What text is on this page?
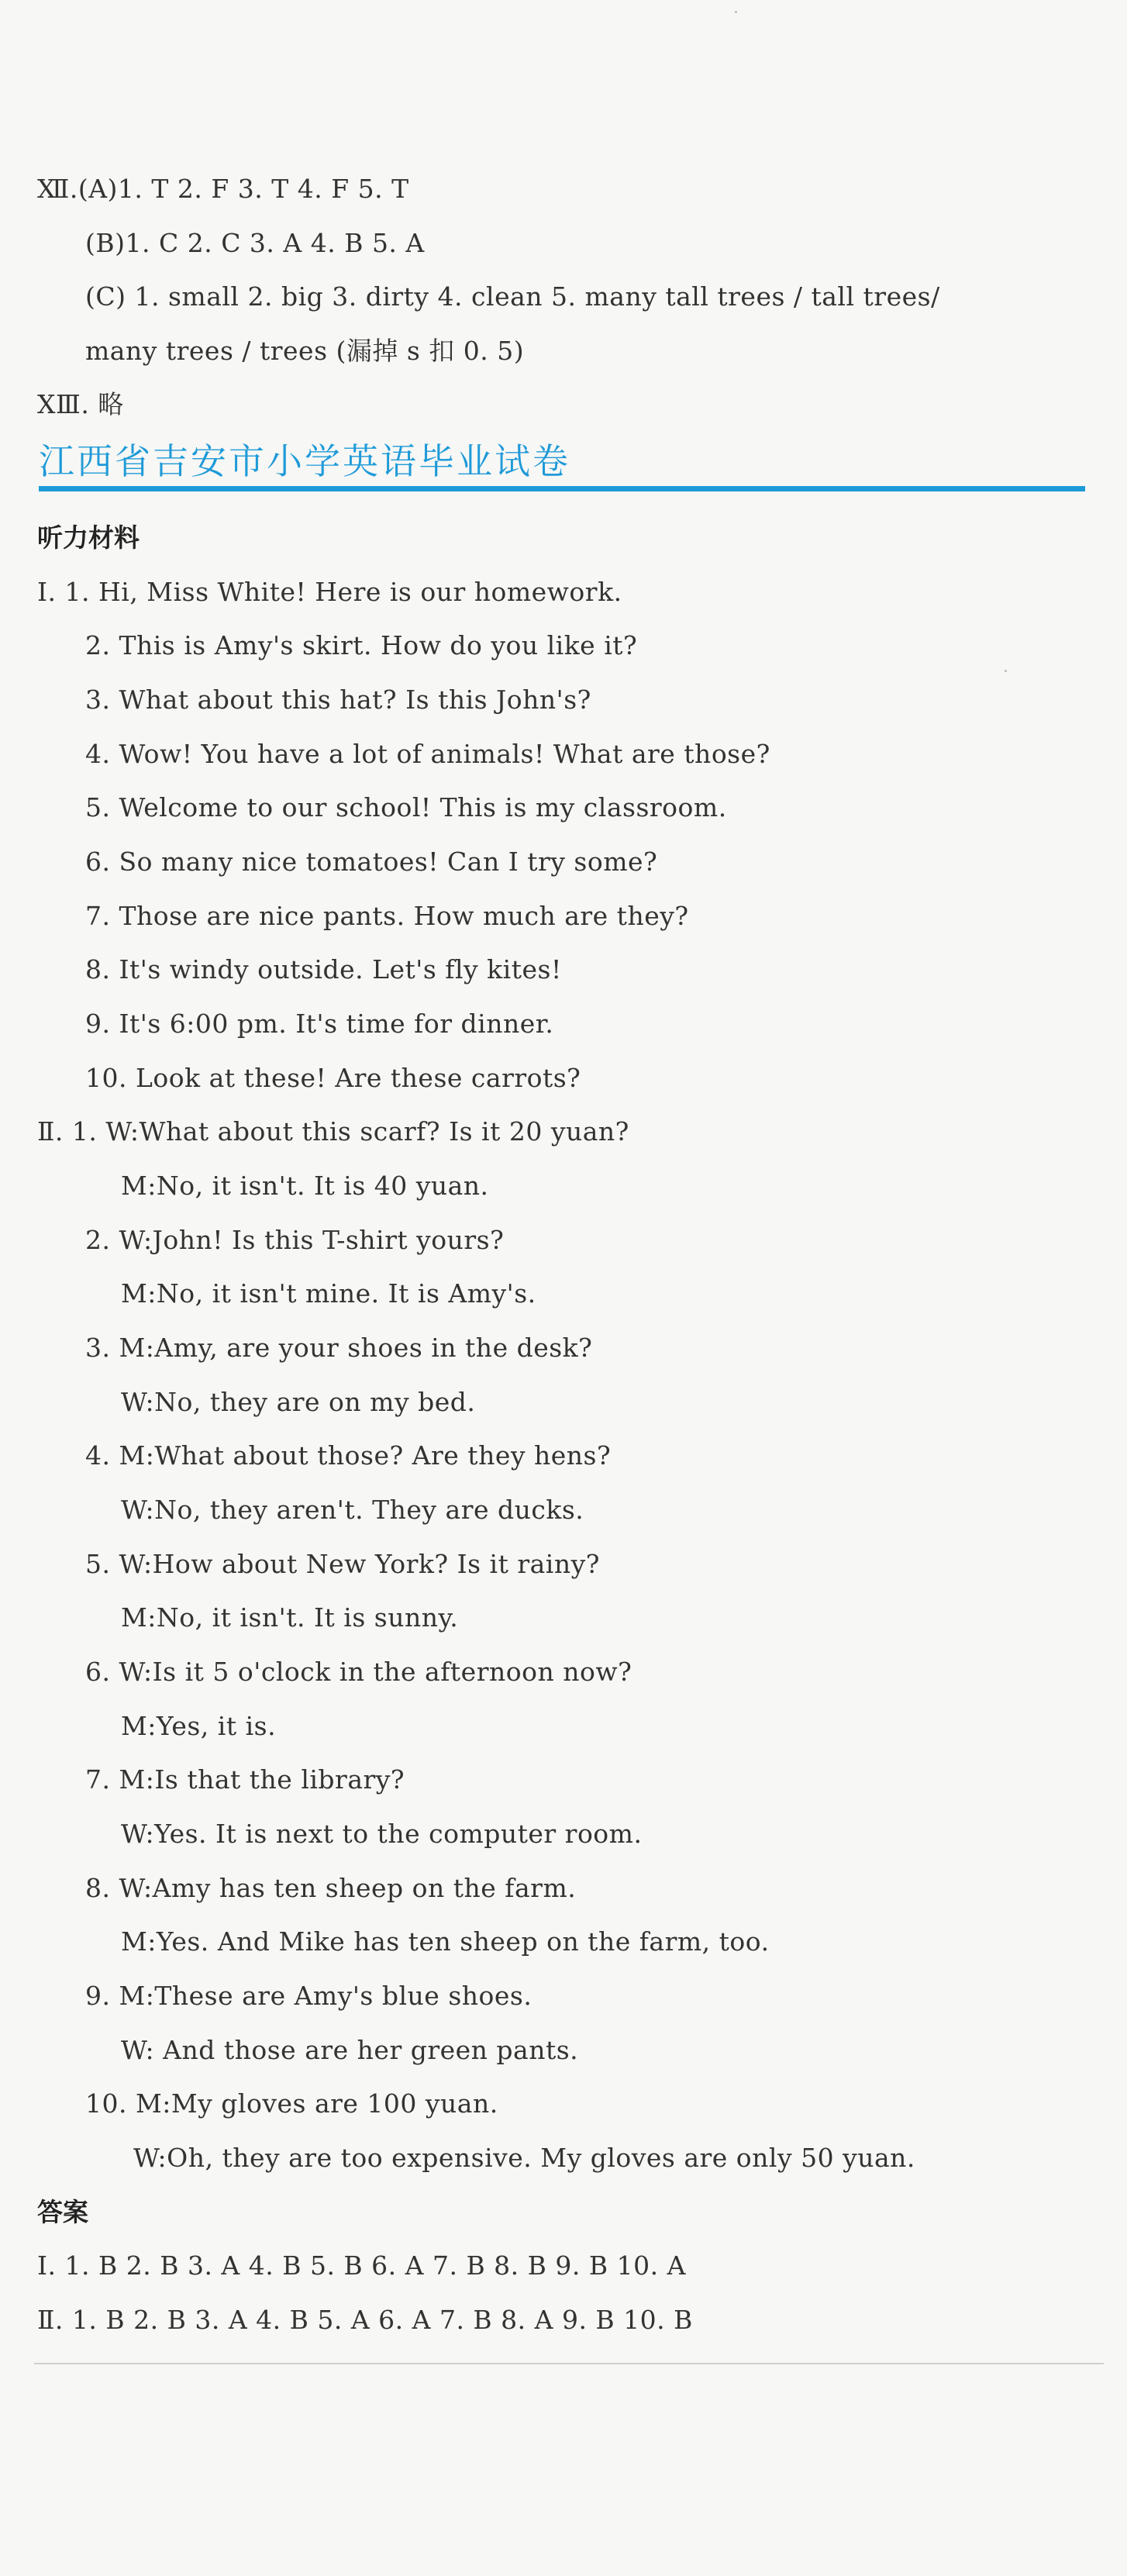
Ⅻ.(A)1. T 2. F 3. T 4. F 5. T
(B)1. C 2. C 3. A 4. B 5. A
(C) 1. small 2. big 3. dirty 4. clean 5. many tall trees / tall trees/
many trees / trees (漏掉 s 扣 0. 5)
ⅩⅢ. 略
江西省吉安市小学英语毕业试卷
听力材料
Ⅰ. 1. Hi, Miss White! Here is our homework.
2. This is Amy's skirt. How do you like it?
3. What about this hat? Is this John's?
4. Wow! You have a lot of animals! What are those?
5. Welcome to our school! This is my classroom.
6. So many nice tomatoes! Can I try some?
7. Those are nice pants. How much are they?
8. It's windy outside. Let's fly kites!
9. It's 6:00 pm. It's time for dinner.
10. Look at these! Are these carrots?
Ⅱ. 1. W:What about this scarf? Is it 20 yuan?
M:No, it isn't. It is 40 yuan.
2. W:John! Is this T-shirt yours?
M:No, it isn't mine. It is Amy's.
3. M:Amy, are your shoes in the desk?
W:No, they are on my bed.
4. M:What about those? Are they hens?
W:No, they aren't. They are ducks.
5. W:How about New York? Is it rainy?
M:No, it isn't. It is sunny.
6. W:Is it 5 o'clock in the afternoon now?
M:Yes, it is.
7. M:Is that the library?
W:Yes. It is next to the computer room.
8. W:Amy has ten sheep on the farm.
M:Yes. And Mike has ten sheep on the farm, too.
9. M:These are Amy's blue shoes.
W: And those are her green pants.
10. M:My gloves are 100 yuan.
W:Oh, they are too expensive. My gloves are only 50 yuan.
答案
Ⅰ. 1. B 2. B 3. A 4. B 5. B 6. A 7. B 8. B 9. B 10. A
Ⅱ. 1. B 2. B 3. A 4. B 5. A 6. A 7. B 8. A 9. B 10. B
